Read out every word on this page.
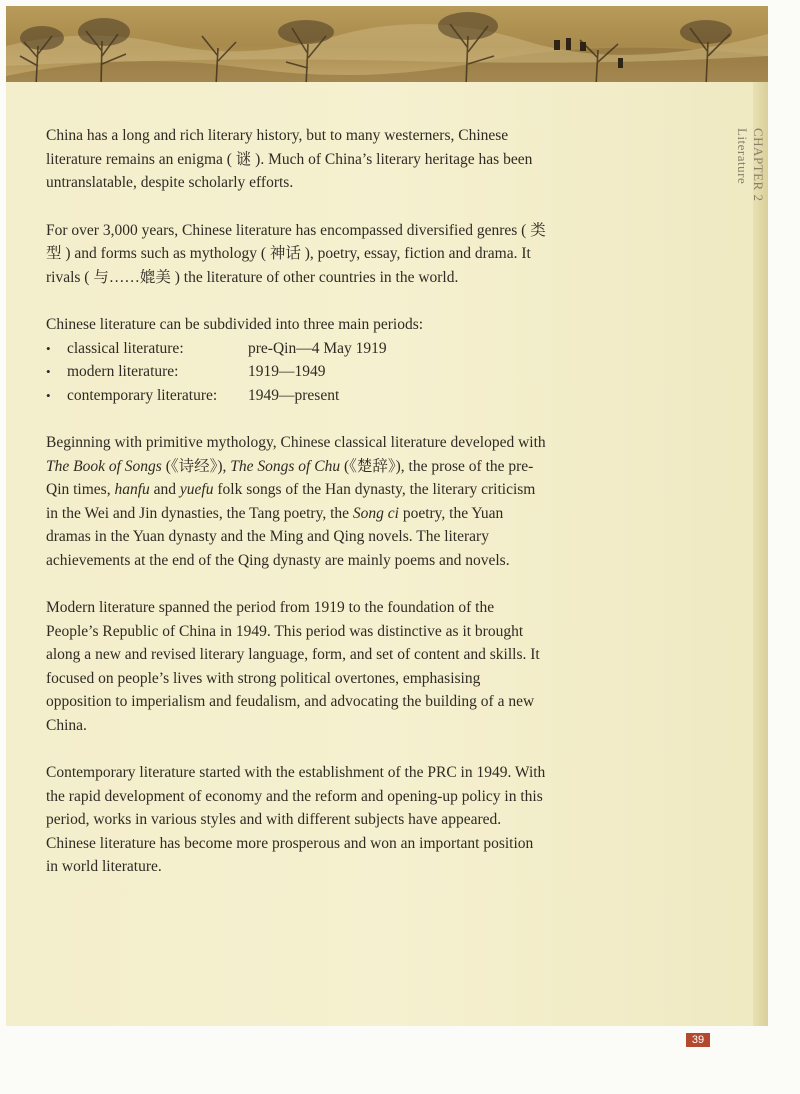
CHAPTER 2
Literature

China has a long and rich literary history, but to many westerners, Chinese literature remains an enigma ( 谜 ). Much of China’s literary heritage has been untranslatable, despite scholarly efforts.

For over 3,000 years, Chinese literature has encompassed diversified genres ( 类型 ) and forms such as mythology ( 神话 ), poetry, essay, fiction and drama. It rivals ( 与……媲美 ) the literature of other countries in the world.

Chinese literature can be subdivided into three main periods:

•	classical literature:	pre-Qin—4 May 1919
•	modern literature:	1919—1949
•	contemporary literature:	1949—present

Beginning with primitive mythology, Chinese classical literature developed with The Book of Songs (《诗经》), The Songs of Chu (《楚辞》), the prose of the pre-Qin times, hanfu and yuefu folk songs of the Han dynasty, the literary criticism in the Wei and Jin dynasties, the Tang poetry, the Song ci poetry, the Yuan dramas in the Yuan dynasty and the Ming and Qing novels. The literary achievements at the end of the Qing dynasty are mainly poems and novels.

Modern literature spanned the period from 1919 to the foundation of the People’s Republic of China in 1949. This period was distinctive as it brought along a new and revised literary language, form, and set of content and skills. It focused on people’s lives with strong political overtones, emphasising opposition to imperialism and feudalism, and advocating the building of a new China.

Contemporary literature started with the establishment of the PRC in 1949. With the rapid development of economy and the reform and opening-up policy in this period, works in various styles and with different subjects have appeared. Chinese literature has become more prosperous and won an important position in world literature.

39
